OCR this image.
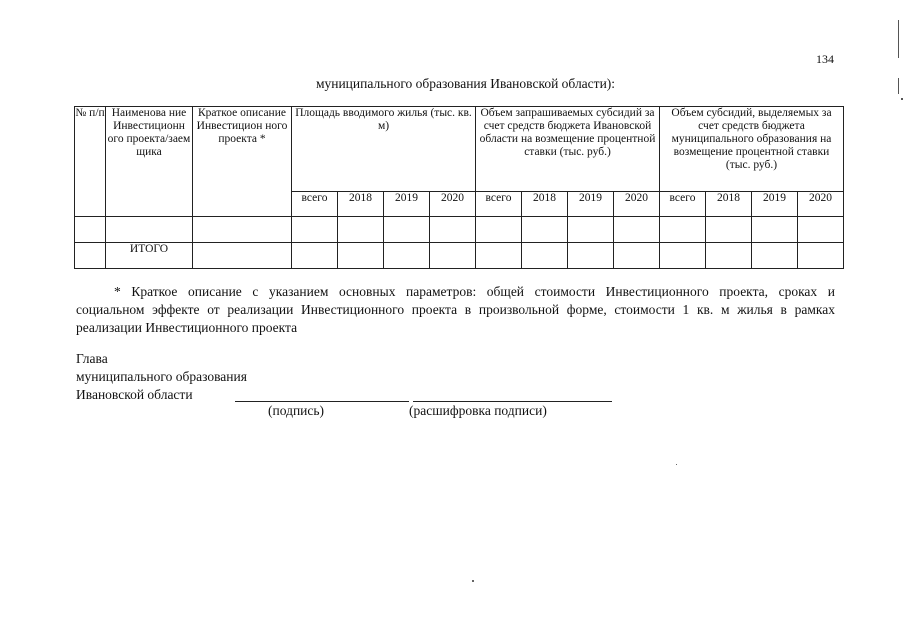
134
муниципального образования Ивановской области):
№ п/п	Наименова ние Инвестиционн ого проекта/заем щика	Краткое описание Инвестицион ного проекта *	Площадь вводимого жилья (тыс. кв. м)				Объем запрашиваемых субсидий за счет средств бюджета Ивановской области на возмещение процентной ставки (тыс. руб.)				Объем субсидий, выделяемых за счет средств бюджета муниципального образования на возмещение процентной ставки (тыс. руб.)			
			всего	2018	2019	2020	всего	2018	2019	2020	всего	2018	2019	2020

	ИТОГО													
* Краткое описание с указанием основных параметров: общей стоимости Инвестиционного проекта, сроках и
социальном эффекте от реализации Инвестиционного проекта в произвольной форме, стоимости 1 кв. м жилья в рамках реализации Инвестиционного проекта
Глава
муниципального образования
Ивановской области
(подпись)	(расшифровка подписи)
